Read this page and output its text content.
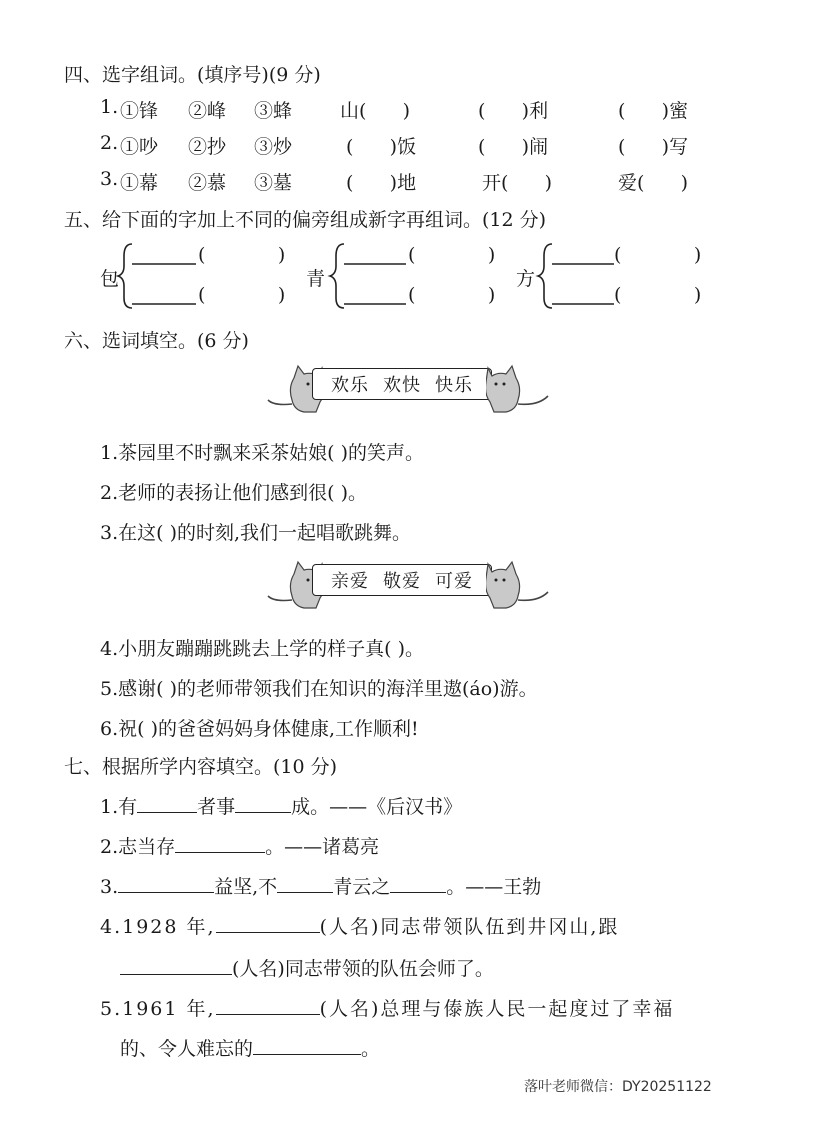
四、选字组词。(填序号)(9 分)
1. ①锋 ②峰 ③蜂	山(      )	(      )利	(      )蜜
2. ①吵 ②抄 ③炒	(      )饭	(      )闹	(      )写
3. ①幕 ②慕 ③墓	(      )地	开(      )	爱(      )
五、给下面的字加上不同的偏旁组成新字再组词。(12 分)
包
(            )
(            )
青
(            )
(            )
方
(            )
(            )
六、选词填空。(6 分)
欢乐 欢快 快乐
1.茶园里不时飘来采茶姑娘( )的笑声。
2.老师的表扬让他们感到很( )。
3.在这( )的时刻,我们一起唱歌跳舞。
亲爱 敬爱 可爱
4.小朋友蹦蹦跳跳去上学的样子真( )。
5.感谢( )的老师带领我们在知识的海洋里遨(áo)游。
6.祝( )的爸爸妈妈身体健康,工作顺利!
七、根据所学内容填空。(10 分)
1.有	者事	成。——《后汉书》
2.志当存	。——诸葛亮
3.	益坚,不	青云之	。——王勃
4.1928 年,	(人名)同志带领队伍到井冈山,跟
(人名)同志带领的队伍会师了。
5.1961 年,	(人名)总理与傣族人民一起度过了幸福
的、令人难忘的	。
落叶老师微信：DY20251122
